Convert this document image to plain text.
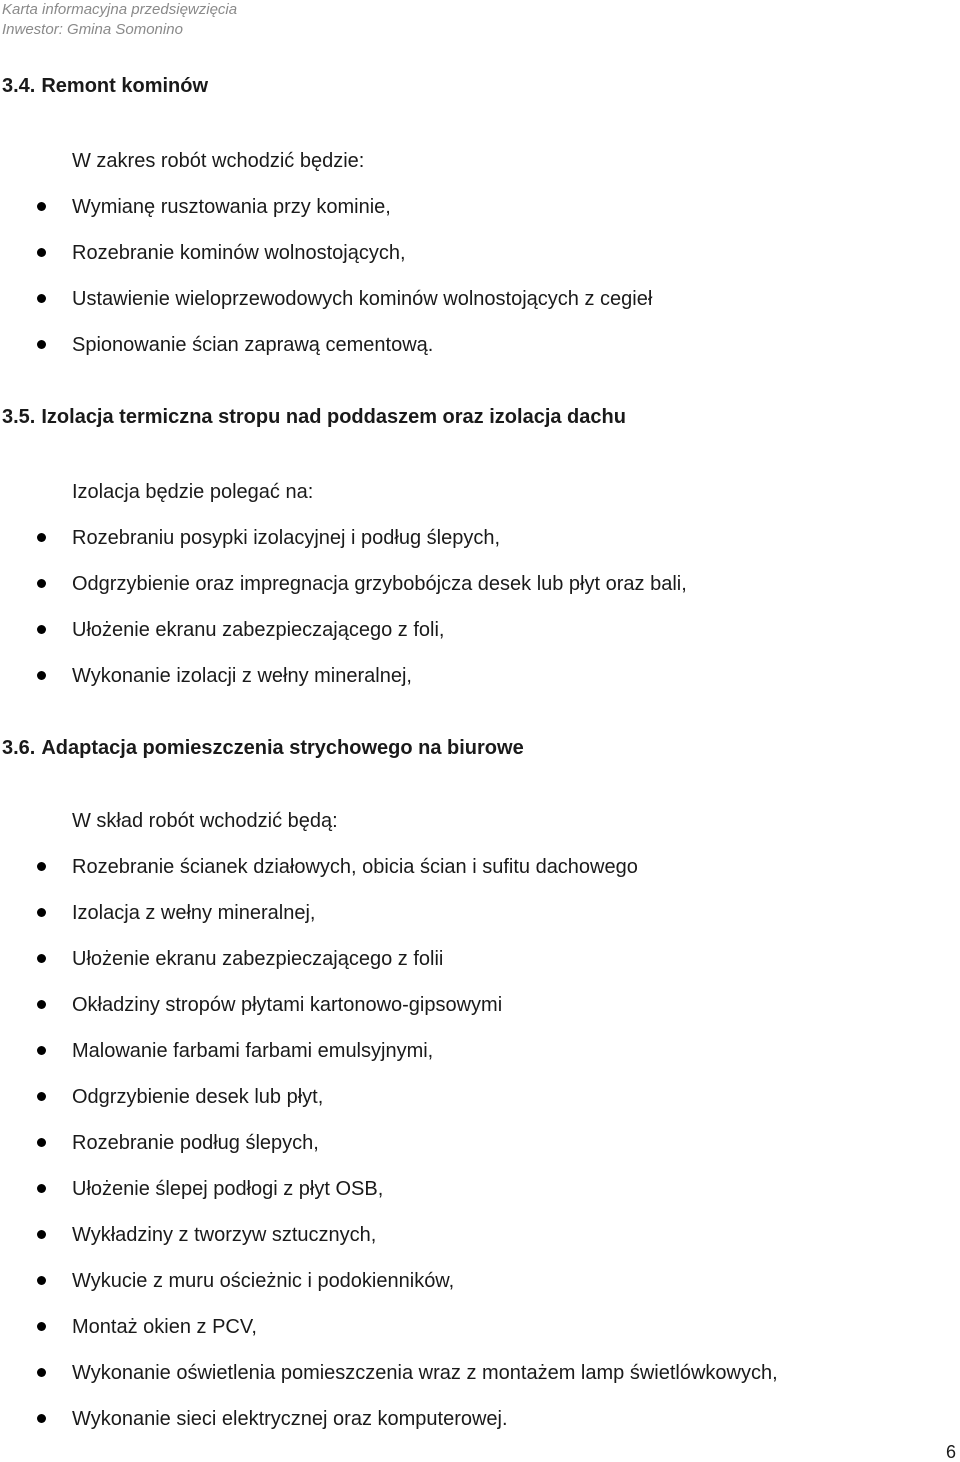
Karta informacyjna przedsięwzięcia
Inwestor: Gmina Somonino
3.4. Remont kominów

W zakres robót wchodzić będzie:

Wymianę rusztowania przy kominie,
Rozebranie kominów wolnostojących,
Ustawienie wieloprzewodowych kominów wolnostojących z cegieł
Spionowanie ścian zaprawą cementową.
3.5. Izolacja termiczna stropu nad poddaszem oraz izolacja dachu

Izolacja będzie polegać na:

Rozebraniu posypki izolacyjnej i podług ślepych,
Odgrzybienie oraz impregnacja grzybobójcza desek lub płyt oraz bali,
Ułożenie ekranu zabezpieczającego z foli,
Wykonanie izolacji z wełny mineralnej,
3.6. Adaptacja pomieszczenia strychowego na biurowe

W skład robót wchodzić będą:

Rozebranie ścianek działowych, obicia ścian i sufitu dachowego
Izolacja z wełny mineralnej,
Ułożenie ekranu zabezpieczającego z folii
Okładziny stropów płytami kartonowo-gipsowymi
Malowanie farbami farbami emulsyjnymi,
Odgrzybienie desek lub płyt,
Rozebranie podług ślepych,
Ułożenie ślepej podłogi z płyt OSB,
Wykładziny z tworzyw sztucznych,
Wykucie z muru ościeżnic i podokienników,
Montaż okien z PCV,
Wykonanie oświetlenia pomieszczenia wraz z montażem lamp świetlówkowych,
Wykonanie sieci elektrycznej oraz komputerowej.
6
